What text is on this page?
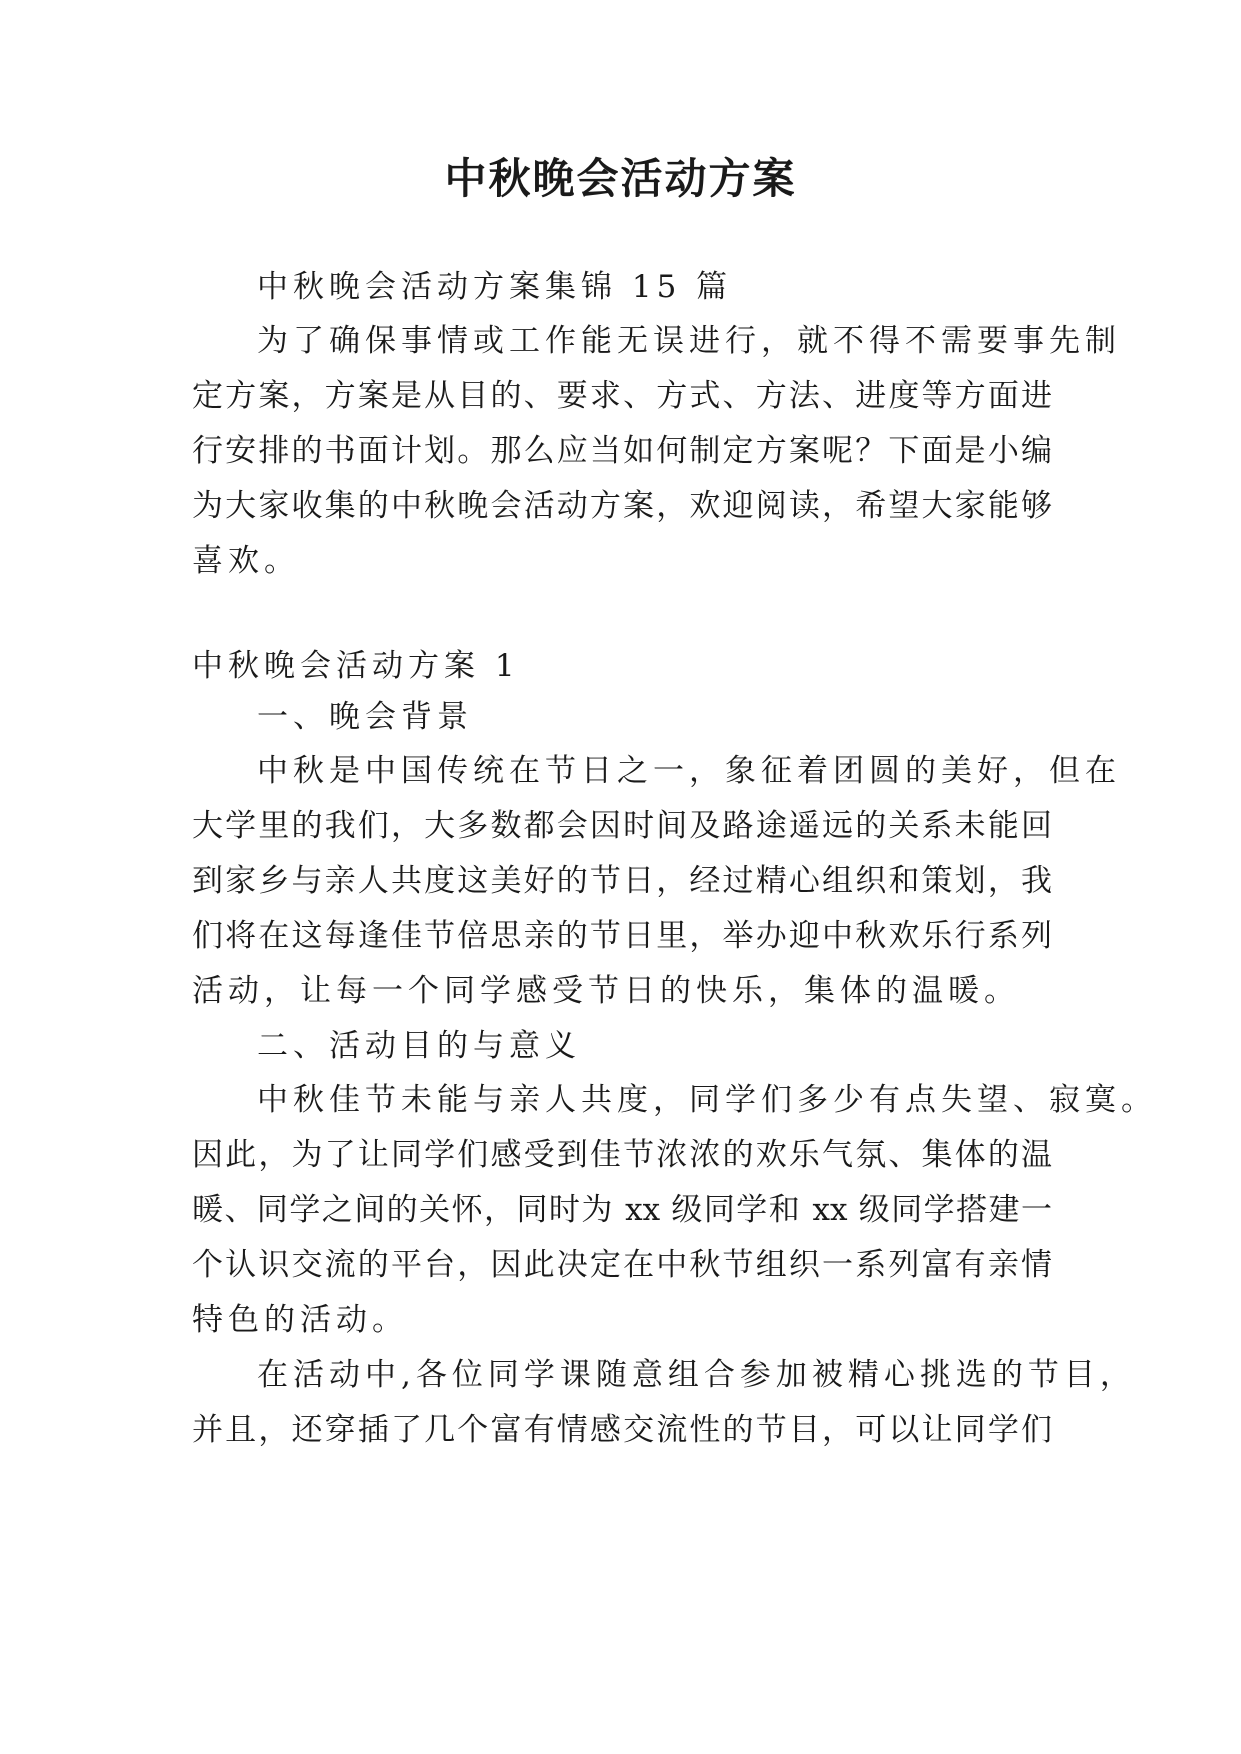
中秋晚会活动方案

中秋晚会活动方案集锦 15 篇

为了确保事情或工作能无误进行，就不得不需要事先制

定方案，方案是从目的、要求、方式、方法、进度等方面进

行安排的书面计划。那么应当如何制定方案呢？下面是小编

为大家收集的中秋晚会活动方案，欢迎阅读，希望大家能够

喜欢。

中秋晚会活动方案 1

一、晚会背景

中秋是中国传统在节日之一，象征着团圆的美好，但在

大学里的我们，大多数都会因时间及路途遥远的关系未能回

到家乡与亲人共度这美好的节日，经过精心组织和策划，我

们将在这每逢佳节倍思亲的节日里，举办迎中秋欢乐行系列

活动，让每一个同学感受节日的快乐，集体的温暖。

二、活动目的与意义

中秋佳节未能与亲人共度，同学们多少有点失望、寂寞。

因此，为了让同学们感受到佳节浓浓的欢乐气氛、集体的温

暖、同学之间的关怀，同时为 xx 级同学和 xx 级同学搭建一

个认识交流的平台，因此决定在中秋节组织一系列富有亲情

特色的活动。

在活动中,各位同学课随意组合参加被精心挑选的节目，

并且，还穿插了几个富有情感交流性的节目，可以让同学们
